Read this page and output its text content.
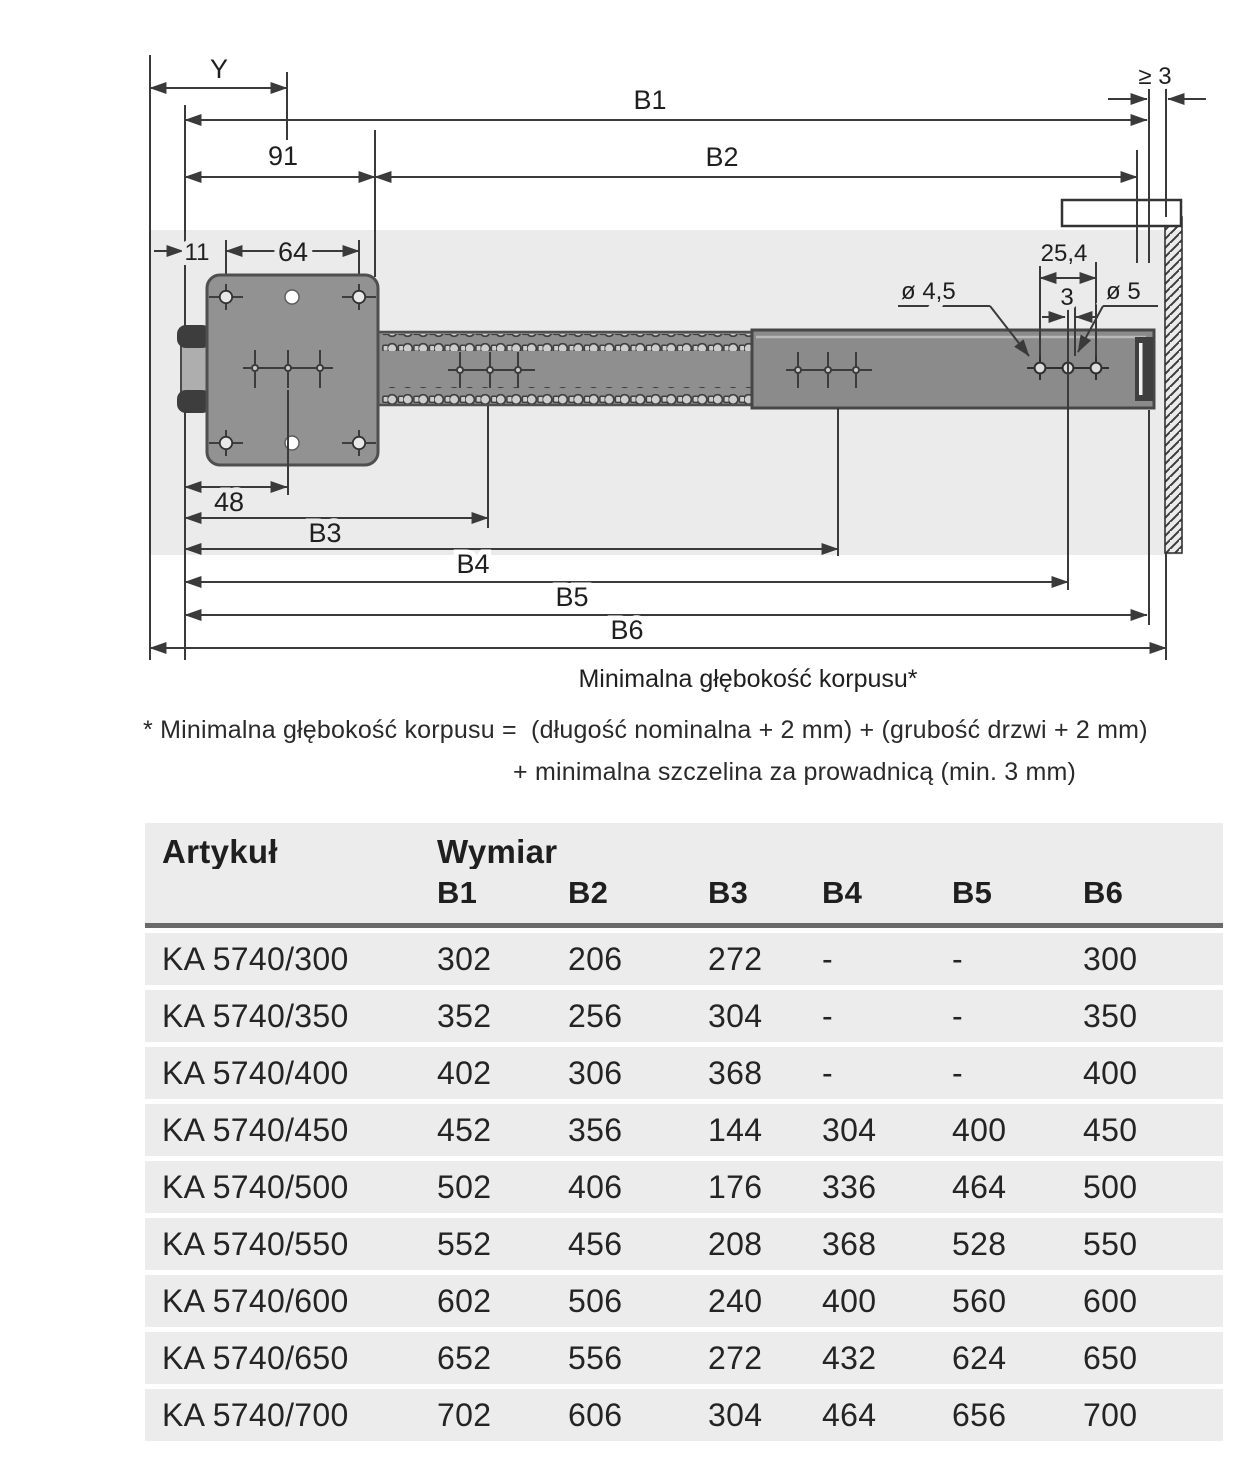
Y
B1
91	B2
≥ 3
11	64	25,4
3
ø 4,5	ø 5
48
B3
B4
B5
B6
Minimalna głębokość korpusu*
* Minimalna głębokość korpusu =  (długość nominalna + 2 mm) + (grubość drzwi + 2 mm)
+ minimalna szczelina za prowadnicą (min. 3 mm)
Artykuł	Wymiar
B1	B2	B3	B4	B5	B6
KA 5740/300	302	206	272	-	-	300
KA 5740/350	352	256	304	-	-	350
KA 5740/400	402	306	368	-	-	400
KA 5740/450	452	356	144	304	400	450
KA 5740/500	502	406	176	336	464	500
KA 5740/550	552	456	208	368	528	550
KA 5740/600	602	506	240	400	560	600
KA 5740/650	652	556	272	432	624	650
KA 5740/700	702	606	304	464	656	700
